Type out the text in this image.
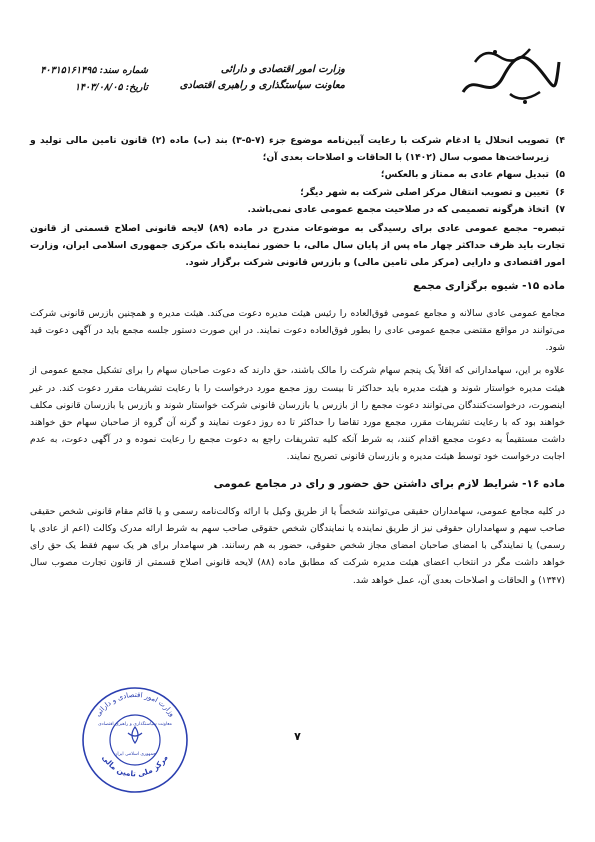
وزارت امور اقتصادی و دارائی
معاونت سیاستگذاری و راهبری اقتصادی
شماره سند:
۴۰۳۱۵۱۶۱۴۹۵
تاریخ:
۱۴۰۳/۰۸/۰۵
۴)
تصویب انحلال یا ادغام شرکت با رعایت آیین‌نامه موضوع جزء (۷-۵-۳) بند (ب) ماده (۲) قانون تامین مالی تولید و زیرساخت‌ها مصوب سال (۱۴۰۲) با الحاقات و اصلاحات بعدی آن؛
۵)
تبدیل سهام عادی به ممتاز و بالعکس؛
۶)
تعیین و تصویب انتقال مرکز اصلی شرکت به شهر دیگر؛
۷)
اتخاذ هرگونه تصمیمی که در صلاحیت مجمع عمومی عادی نمی‌باشد.
تبصره– مجمع عمومی عادی برای رسیدگی به موضوعات مندرج در ماده (۸۹) لایحه قانونی اصلاح قسمتی از قانون تجارت باید ظرف حداکثر چهار ماه پس از پایان سال مالی، با حضور نماینده بانک مرکزی جمهوری اسلامی ایران، وزارت امور اقتصادی و دارایی (مرکز ملی تامین مالی) و بازرس قانونی شرکت برگزار شود.
ماده ۱۵- شیوه برگزاری مجمع
مجامع عمومی عادی سالانه و مجامع عمومی فوق‌العاده را رئیس هیئت مدیره دعوت می‌کند. هیئت مدیره و همچنین بازرس قانونی شرکت می‌توانند در مواقع مقتضی مجمع عمومی عادی را بطور فوق‌العاده دعوت نمایند. در این صورت دستور جلسه مجمع باید در آگهی دعوت قید شود.
علاوه بر این، سهامدارانی که اقلاً یک پنجم سهام شرکت را مالک باشند، حق دارند که دعوت صاحبان سهام را برای تشکیل مجمع عمومی از هیئت مدیره خواستار شوند و هیئت مدیره باید حداکثر تا بیست روز مجمع مورد درخواست را با رعایت تشریفات مقرر دعوت کند. در غیر اینصورت، درخواست‌کنندگان می‌توانند دعوت مجمع را از بازرس یا بازرسان قانونی شرکت خواستار شوند و بازرس یا بازرسان قانونی مکلف خواهند بود که با رعایت تشریفات مقرر، مجمع مورد تقاضا را حداکثر تا ده روز دعوت نمایند و گرنه آن گروه از صاحبان سهام حق خواهند داشت مستقیماً به دعوت مجمع اقدام کنند، به شرط آنکه کلیه تشریفات راجع به دعوت مجمع را رعایت نموده و در آگهی دعوت، به عدم اجابت درخواست خود توسط هیئت مدیره و بازرسان قانونی تصریح نمایند.
ماده ۱۶- شرایط لازم برای داشتن حق حضور و رای در مجامع عمومی
در کلیه مجامع عمومی، سهامداران حقیقی می‌توانند شخصاً یا از طریق وکیل با ارائه وکالت‌نامه رسمی و یا قائم مقام قانونی شخص حقیقی صاحب سهم و سهامداران حقوقی نیز از طریق نماینده یا نمایندگان شخص حقوقی صاحب سهم به شرط ارائه مدرک وکالت (اعم از عادی یا رسمی) یا نمایندگی با امضای صاحبان امضای مجاز شخص حقوقی، حضور به هم رسانند. هر سهامدار برای هر یک سهم فقط یک حق رای خواهد داشت مگر در انتخاب اعضای هیئت مدیره شرکت که مطابق ماده (۸۸) لایحه قانونی اصلاح قسمتی از قانون تجارت مصوب سال (۱۳۴۷) و الحاقات و اصلاحات بعدی آن، عمل خواهد شد.
وزارت امور اقتصادی و دارائی
مرکز ملی تامین مالی
معاونت سیاستگذاری و راهبری اقتصادی
جمهوری اسلامی ایران
۷
